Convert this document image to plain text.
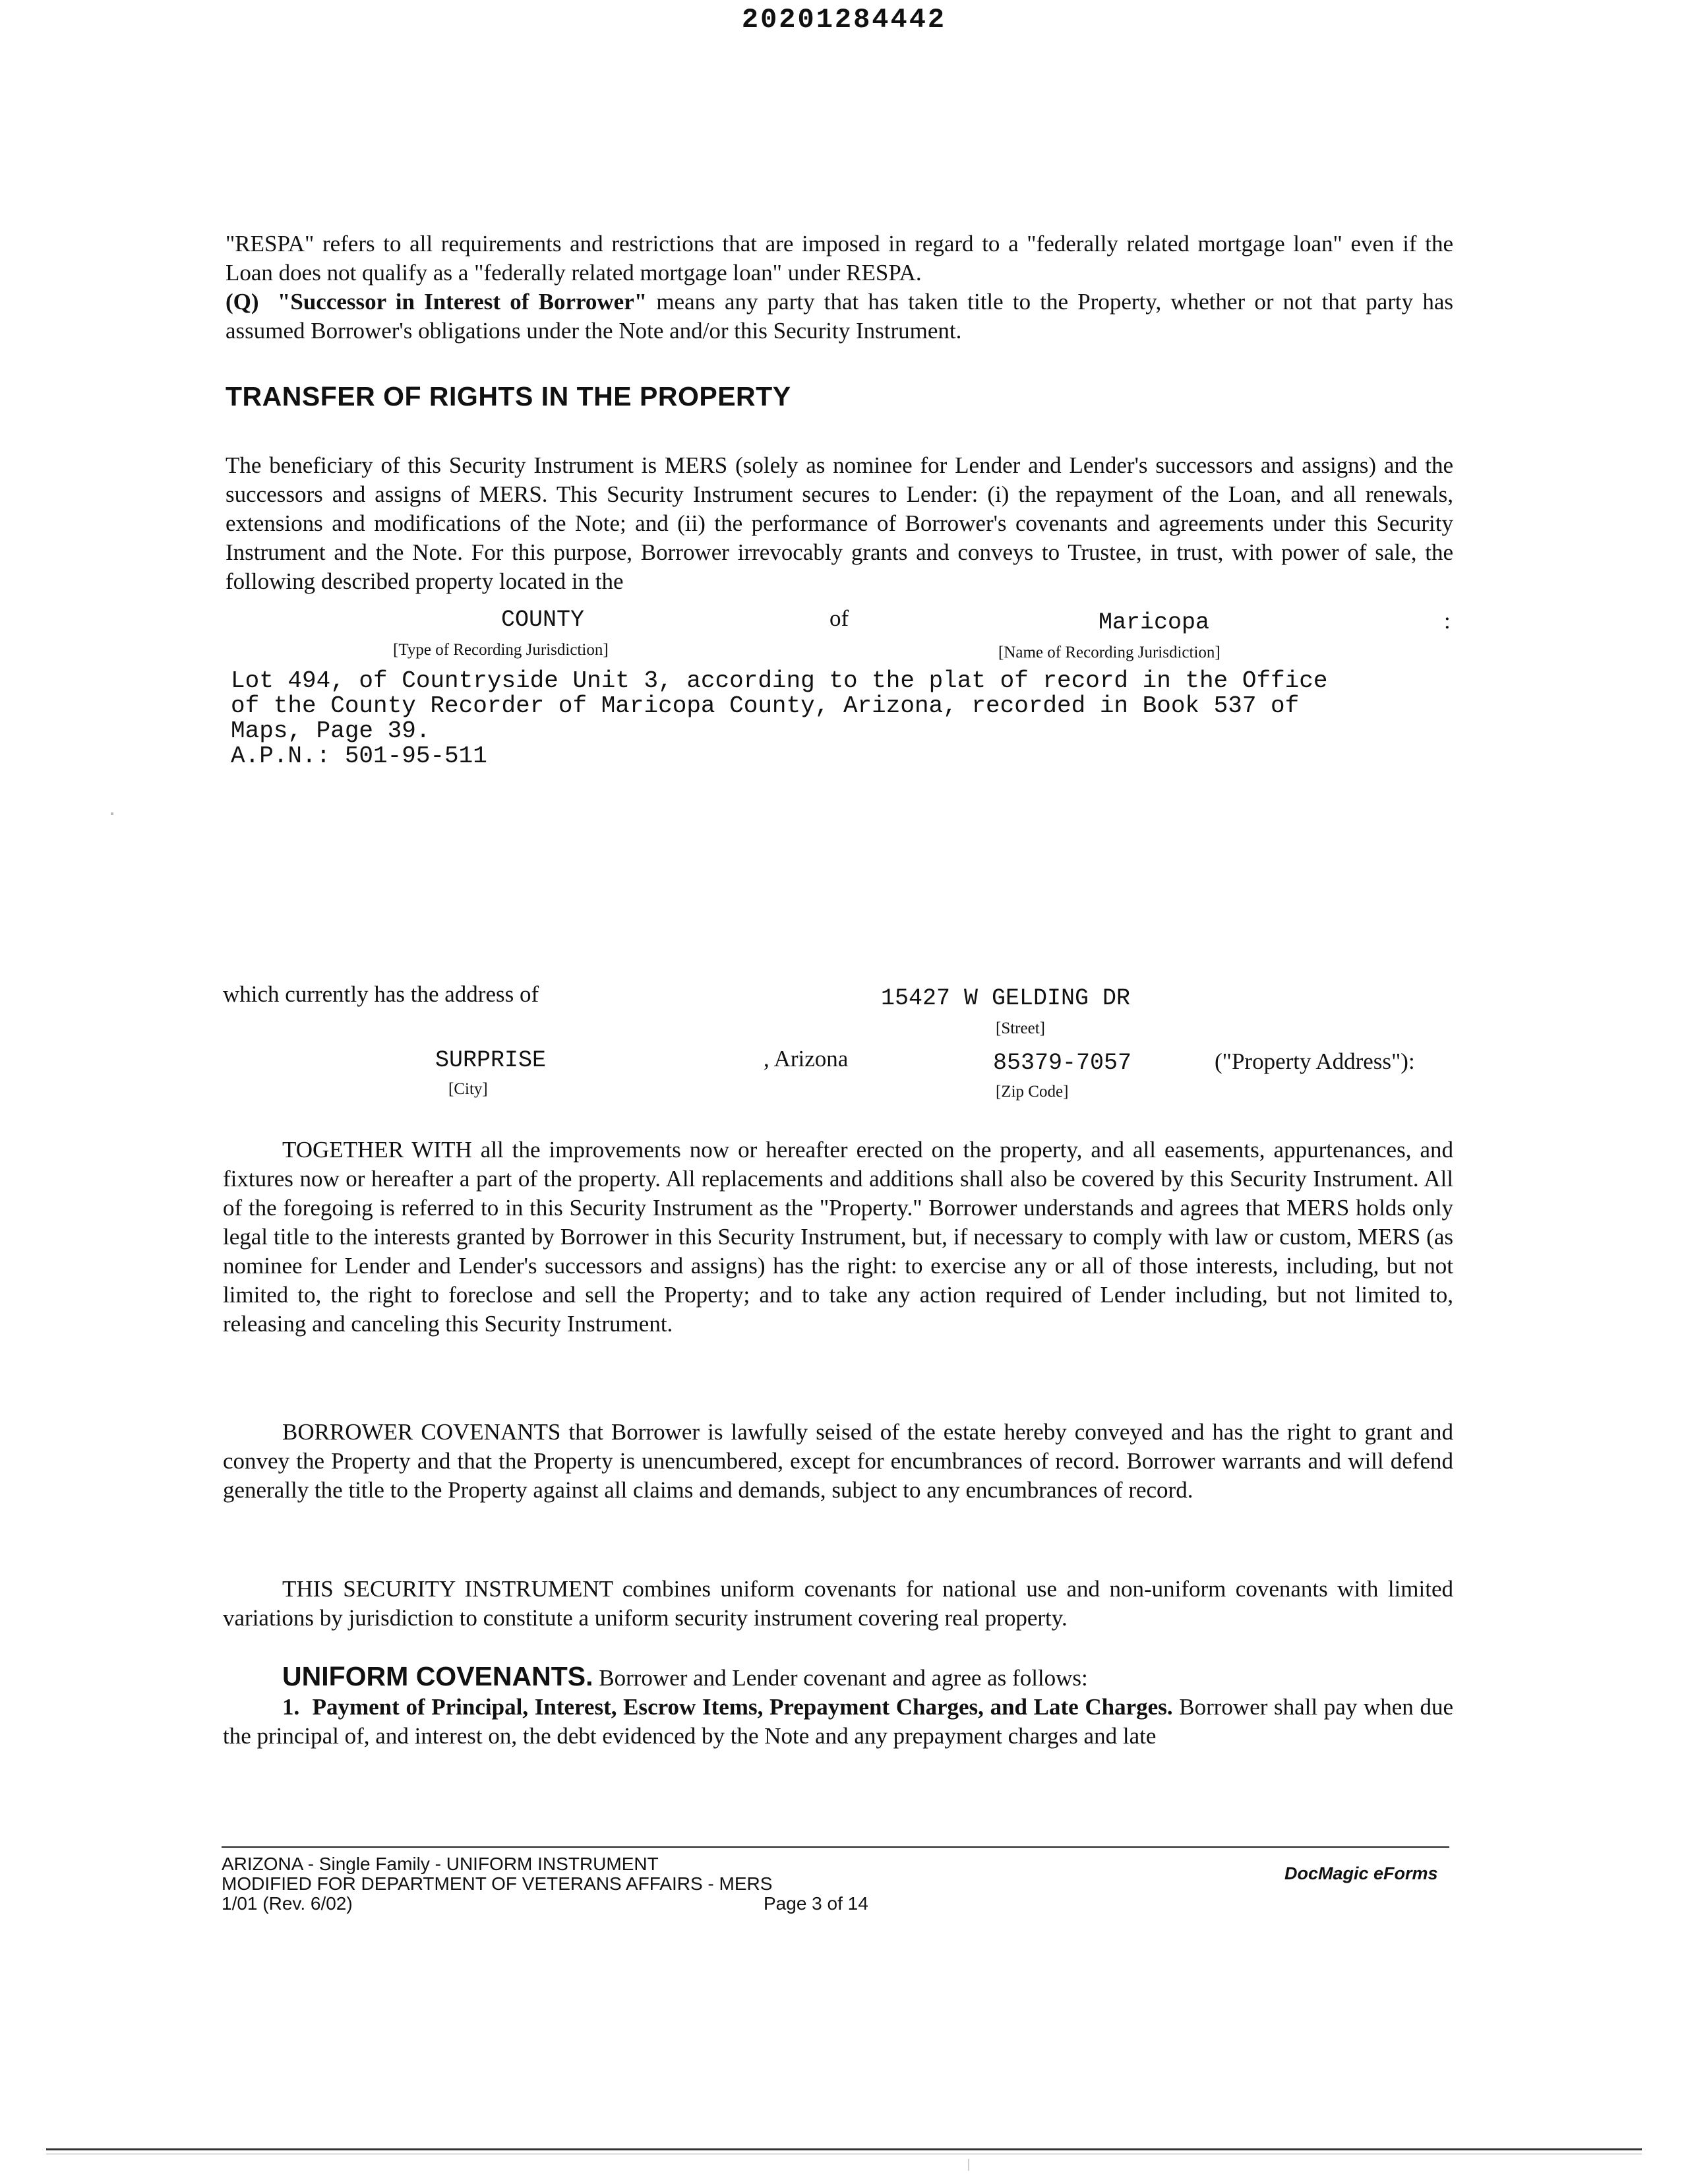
20201284442

"RESPA" refers to all requirements and restrictions that are imposed in regard to a "federally related mortgage loan" even if the Loan does not qualify as a "federally related mortgage loan" under RESPA.

(Q) "Successor in Interest of Borrower" means any party that has taken title to the Property, whether or not that party has assumed Borrower's obligations under the Note and/or this Security Instrument.

TRANSFER OF RIGHTS IN THE PROPERTY
The beneficiary of this Security Instrument is MERS (solely as nominee for Lender and Lender's successors and assigns) and the successors and assigns of MERS. This Security Instrument secures to Lender: (i) the repayment of the Loan, and all renewals, extensions and modifications of the Note; and (ii) the performance of Borrower's covenants and agreements under this Security Instrument and the Note. For this purpose, Borrower irrevocably grants and conveys to Trustee, in trust, with power of sale, the following described property located in the
COUNTY	of	Maricopa	:
[Type of Recording Jurisdiction]	[Name of Recording Jurisdiction]
Lot 494, of Countryside Unit 3, according to the plat of record in the Office
of the County Recorder of Maricopa County, Arizona, recorded in Book 537 of
Maps, Page 39.
A.P.N.: 501-95-511
which currently has the address of	15427 W GELDING DR
[Street]
SURPRISE	, Arizona	85379-7057	("Property Address"):
[City]	[Zip Code]
TOGETHER WITH all the improvements now or hereafter erected on the property, and all easements, appurtenances, and fixtures now or hereafter a part of the property. All replacements and additions shall also be covered by this Security Instrument. All of the foregoing is referred to in this Security Instrument as the "Property." Borrower understands and agrees that MERS holds only legal title to the interests granted by Borrower in this Security Instrument, but, if necessary to comply with law or custom, MERS (as nominee for Lender and Lender's successors and assigns) has the right: to exercise any or all of those interests, including, but not limited to, the right to foreclose and sell the Property; and to take any action required of Lender including, but not limited to, releasing and canceling this Security Instrument.
BORROWER COVENANTS that Borrower is lawfully seised of the estate hereby conveyed and has the right to grant and convey the Property and that the Property is unencumbered, except for encumbrances of record. Borrower warrants and will defend generally the title to the Property against all claims and demands, subject to any encumbrances of record.
THIS SECURITY INSTRUMENT combines uniform covenants for national use and non-uniform covenants with limited variations by jurisdiction to constitute a uniform security instrument covering real property.

UNIFORM COVENANTS. Borrower and Lender covenant and agree as follows:

1. Payment of Principal, Interest, Escrow Items, Prepayment Charges, and Late Charges. Borrower shall pay when due the principal of, and interest on, the debt evidenced by the Note and any prepayment charges and late

ARIZONA - Single Family - UNIFORM INSTRUMENT
MODIFIED FOR DEPARTMENT OF VETERANS AFFAIRS - MERS
1/01 (Rev. 6/02)	Page 3 of 14
DocMagic eForms
